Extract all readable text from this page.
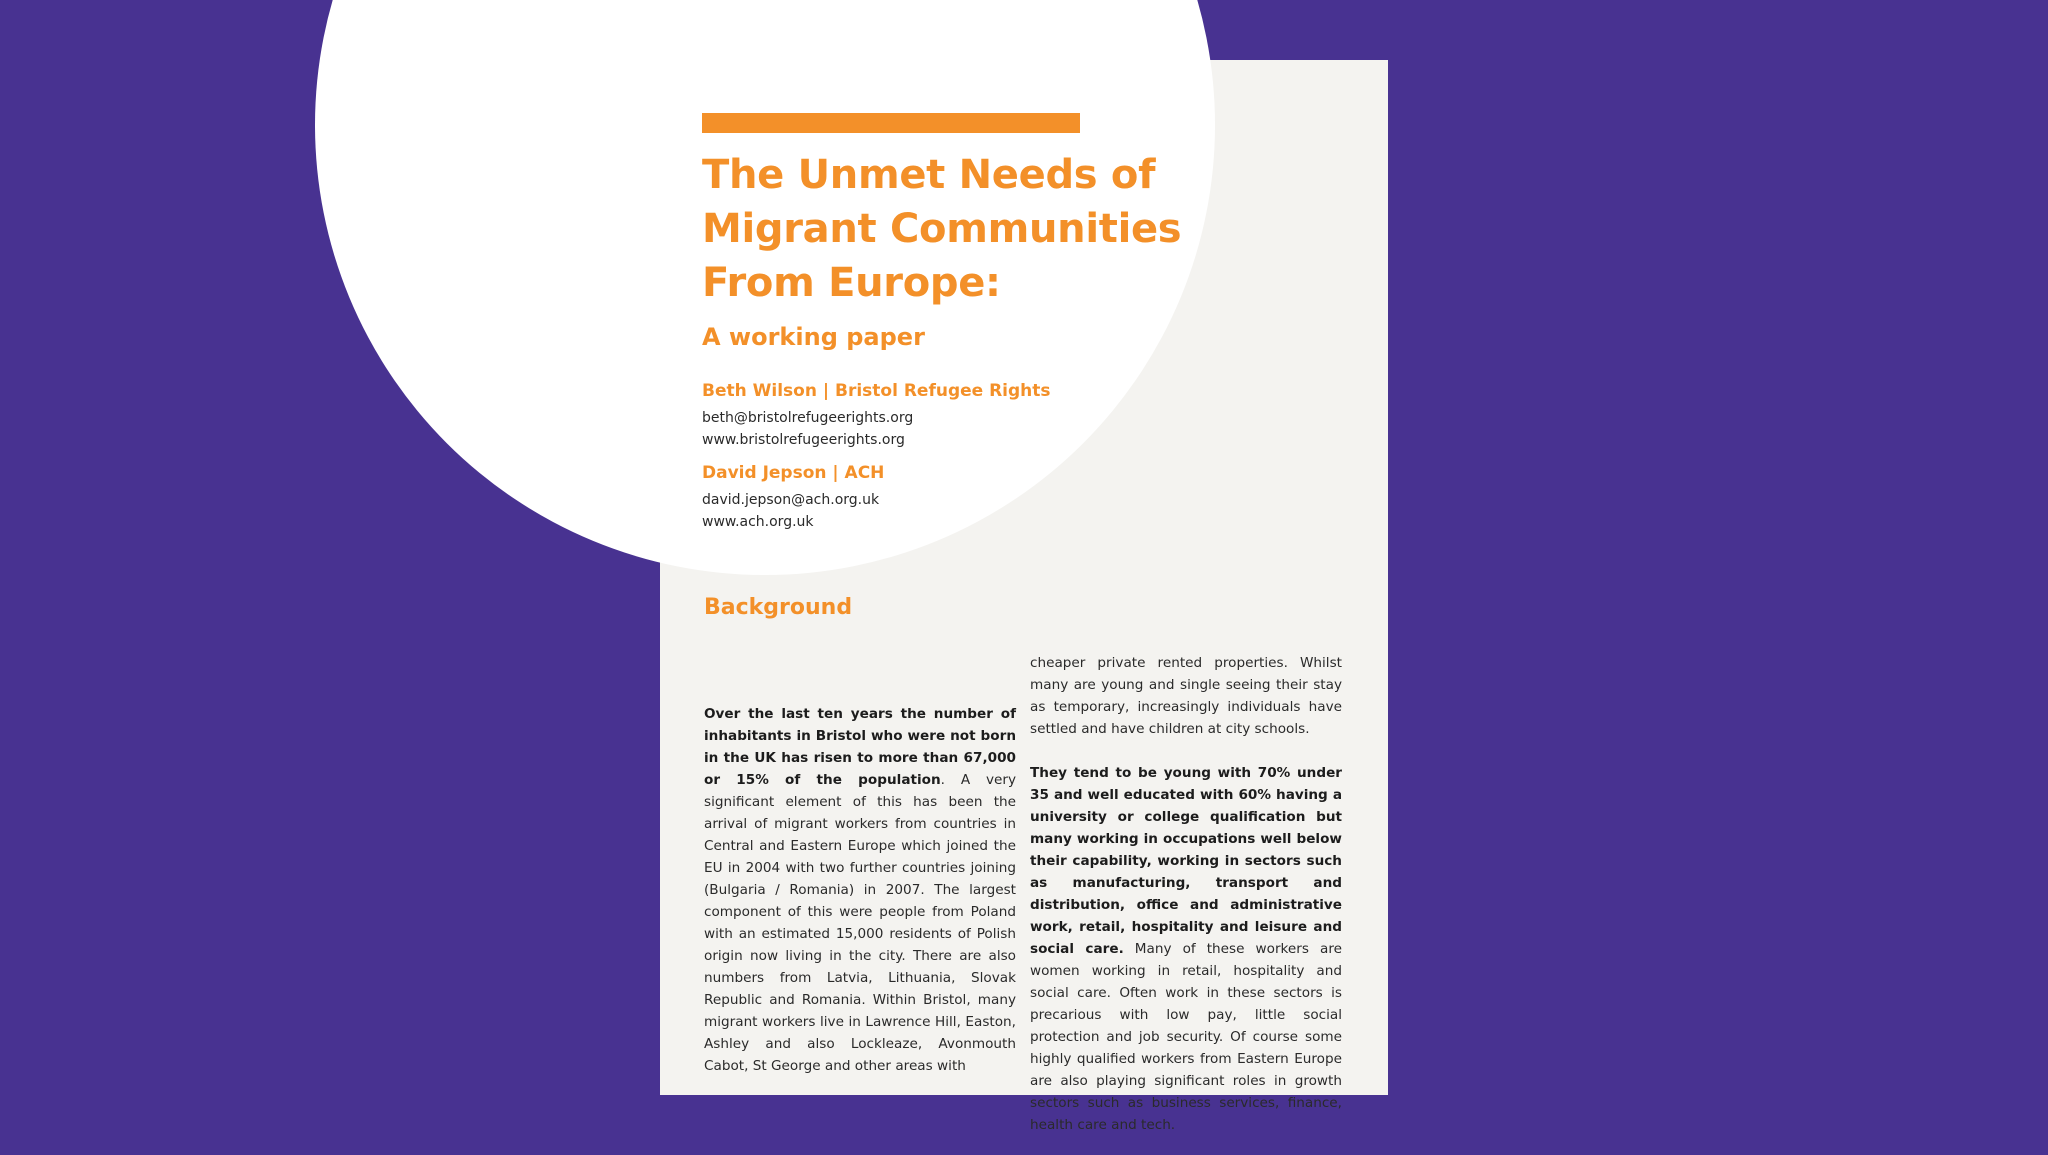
The Unmet Needs of
Migrant Communities
From Europe:
A working paper
Beth Wilson | Bristol Refugee Rights
beth@bristolrefugeerights.org
www.bristolrefugeerights.org
David Jepson | ACH
david.jepson@ach.org.uk
www.ach.org.uk
Background

Over the last ten years the number of inhabitants in Bristol who were not born in the UK has risen to more than 67,000 or 15% of the population. A very significant element of this has been the arrival of migrant workers from countries in Central and Eastern Europe which joined the EU in 2004 with two further countries joining (Bulgaria / Romania) in 2007. The largest component of this were people from Poland with an estimated 15,000 residents of Polish origin now living in the city. There are also numbers from Latvia, Lithuania, Slovak Republic and Romania. Within Bristol, many migrant workers live in Lawrence Hill, Easton, Ashley and also Lockleaze, Avonmouth Cabot, St George and other areas with

cheaper private rented properties. Whilst many are young and single seeing their stay as temporary, increasingly individuals have settled and have children at city schools.

They tend to be young with 70% under 35 and well educated with 60% having a university or college qualification but many working in occupations well below their capability, working in sectors such as manufacturing, transport and distribution, office and administrative work, retail, hospitality and leisure and social care. Many of these workers are women working in retail, hospitality and social care. Often work in these sectors is precarious with low pay, little social protection and job security. Of course some highly qualified workers from Eastern Europe are also playing significant roles in growth sectors such as business services, finance, health care and tech.
